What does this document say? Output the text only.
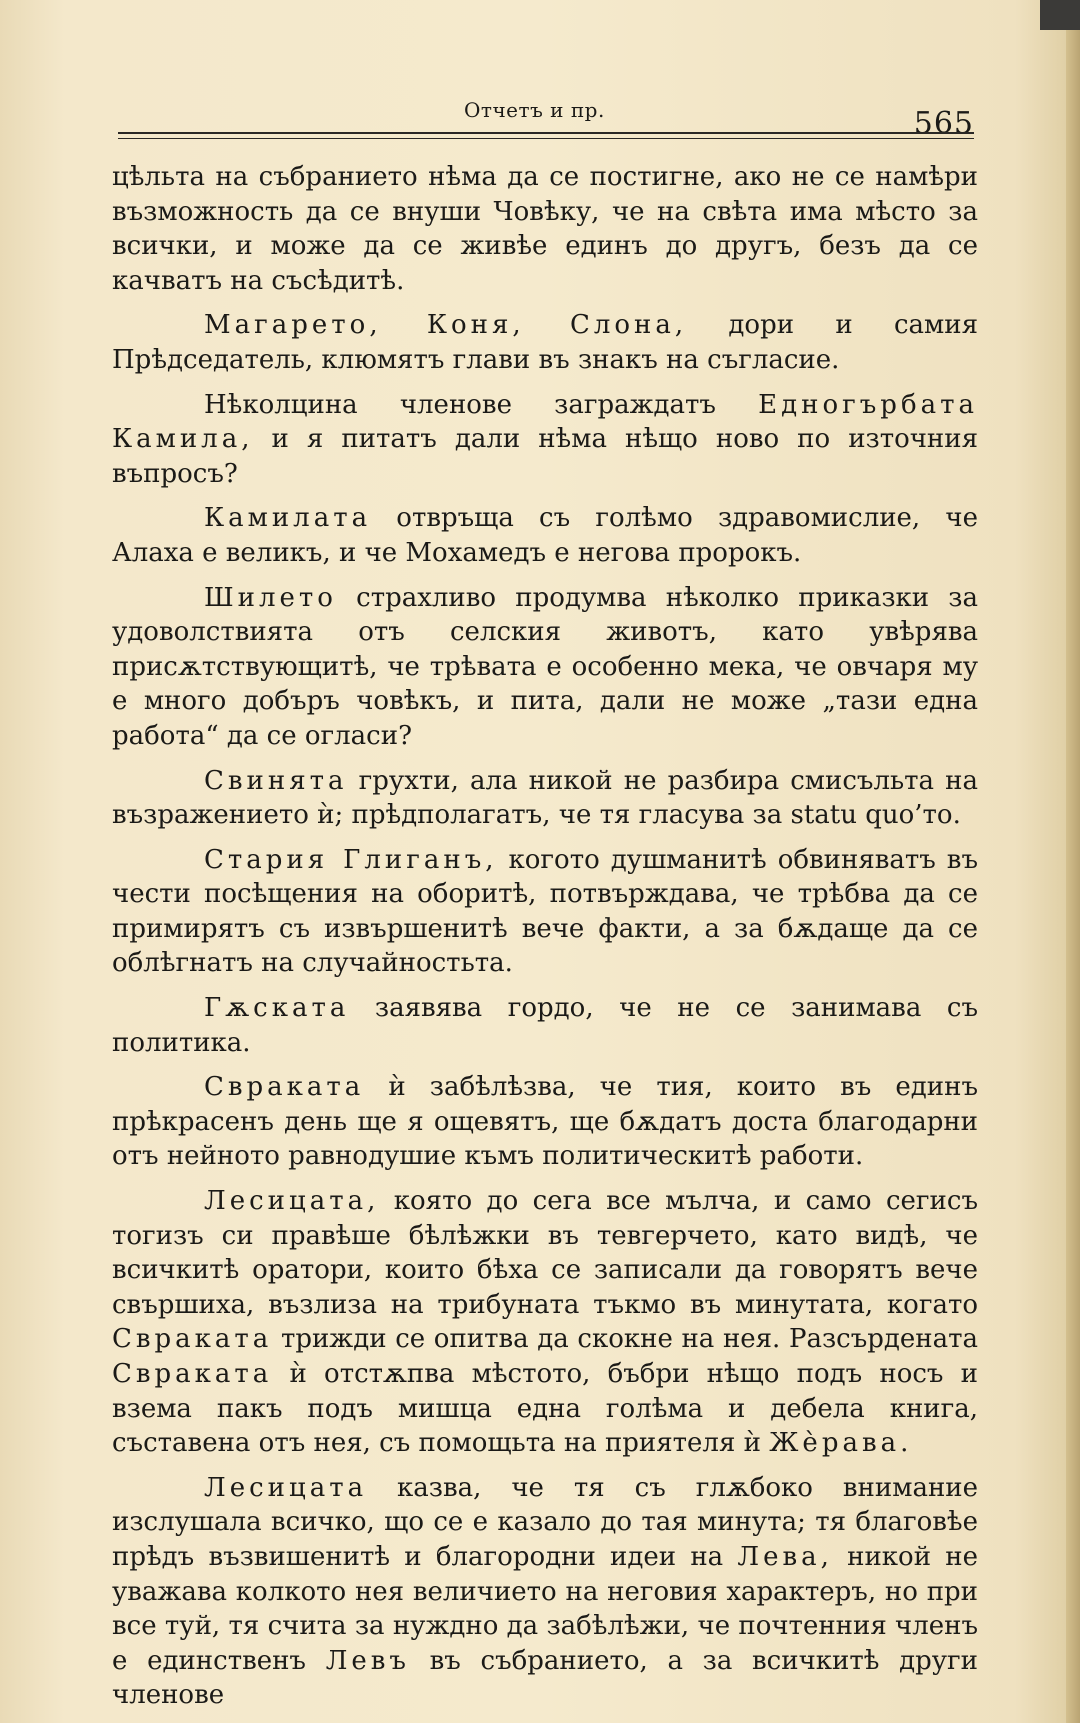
Отчетъ и пр.	565

цѣльта на събранието нѣма да се постигне, ако не се намѣри възможность да се внуши Човѣку, че на свѣта има мѣсто за всички, и може да се живѣе единъ до другъ, безъ да се качватъ на съсѣдитѣ.

Магарето, Коня, Слона, дори и самия Прѣдседатель, клюмятъ глави въ знакъ на съгласие.

Нѣколцина членове заграждатъ Едногърбата Камила, и я питатъ дали нѣма нѣщо ново по източния въпросъ?

Камилата отвръща съ голѣмо здравомислие, че Алаха е великъ, и че Мохамедъ е негова пророкъ.

Шилето страхливо продумва нѣколко приказки за удоволствията отъ селския животъ, като увѣрява присѫтствующитѣ, че трѣвата е особенно мека, че овчаря му е много добъръ човѣкъ, и пита, дали не може „тази една работа“ да се огласи?

Свинята грухти, ала никой не разбира смисъльта на възражението ѝ; прѣдполагатъ, че тя гласува за statu quo’то.

Стария Глиганъ, когото душманитѣ обвиняватъ въ чести посѣщения на оборитѣ, потвърждава, че трѣбва да се примирятъ съ извършенитѣ вече факти, а за бѫдаще да се облѣгнатъ на случайностьта.

Гѫската заявява гордо, че не се занимава съ политика.

Свраката ѝ забѣлѣзва, че тия, които въ единъ прѣкрасенъ день ще я ощевятъ, ще бѫдатъ доста благодарни отъ нейното равнодушие къмъ политическитѣ работи.

Лесицата, която до сега все мълча, и само сегисъ тогизъ си правѣше бѣлѣжки въ тевгерчето, като видѣ, че всичкитѣ оратори, които бѣха се записали да говорятъ вече свършиха, възлиза на трибуната тъкмо въ минутата, когато Свраката трижди се опитва да скокне на нея. Разсърдената Свраката ѝ отстѫпва мѣстото, бъбри нѣщо подъ носъ и взема пакъ подъ мишца една голѣма и дебела книга, съставена отъ нея, съ помощьта на приятеля ѝ Жѐрава.

Лесицата казва, че тя съ глѫбоко внимание изслушала всичко, що се е казало до тая минута; тя благовѣе прѣдъ възвишенитѣ и благородни идеи на Лева, никой не уважава колкото нея величието на неговия характеръ, но при все туй, тя счита за нуждно да забѣлѣжи, че почтенния членъ е единственъ Левъ въ събранието, а за всичкитѣ други членове
